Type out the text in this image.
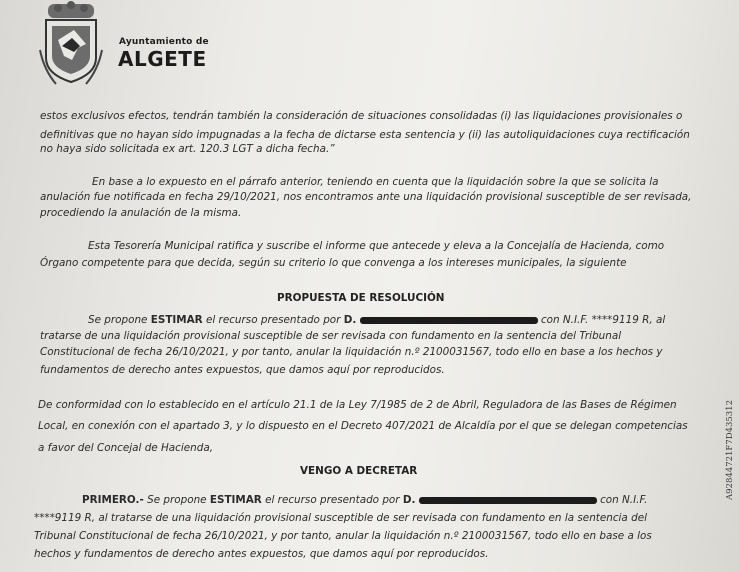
Ayuntamiento de
ALGETE
estos exclusivos efectos, tendrán también la consideración de situaciones consolidadas (i) las liquidaciones provisionales o
definitivas que no hayan sido impugnadas a la fecha de dictarse esta sentencia y (ii) las autoliquidaciones cuya rectificación
no haya sido solicitada ex art. 120.3 LGT a dicha fecha.”
En base a lo expuesto en el párrafo anterior, teniendo en cuenta que la liquidación sobre la que se solicita la
anulación fue notificada en fecha 29/10/2021, nos encontramos ante una liquidación provisional susceptible de ser revisada,
procediendo la anulación de la misma.
Esta Tesorería Municipal ratifica y suscribe el informe que antecede y eleva a la Concejalía de Hacienda, como
Órgano competente para que decida, según su criterio lo que convenga a los intereses municipales, la siguiente
PROPUESTA DE RESOLUCIÓN
Se propone ESTIMAR el recurso presentado por D.	con N.I.F. ****9119 R, al
tratarse de una liquidación provisional susceptible de ser revisada con fundamento en la sentencia del Tribunal
Constitucional de fecha 26/10/2021, y por tanto, anular la liquidación n.º 2100031567, todo ello en base a los hechos y
fundamentos de derecho antes expuestos, que damos aquí por reproducidos.
De conformidad con lo establecido en el artículo 21.1 de la Ley 7/1985 de 2 de Abril, Reguladora de las Bases de Régimen
Local, en conexión con el apartado 3, y lo dispuesto en el Decreto 407/2021 de Alcaldía por el que se delegan competencias
a favor del Concejal de Hacienda,
VENGO A DECRETAR
PRIMERO.- Se propone ESTIMAR el recurso presentado por D.	con N.I.F.
****9119 R, al tratarse de una liquidación provisional susceptible de ser revisada con fundamento en la sentencia del
Tribunal Constitucional de fecha 26/10/2021, y por tanto, anular la liquidación n.º 2100031567, todo ello en base a los
hechos y fundamentos de derecho antes expuestos, que damos aquí por reproducidos.
A92844721F7D435312
